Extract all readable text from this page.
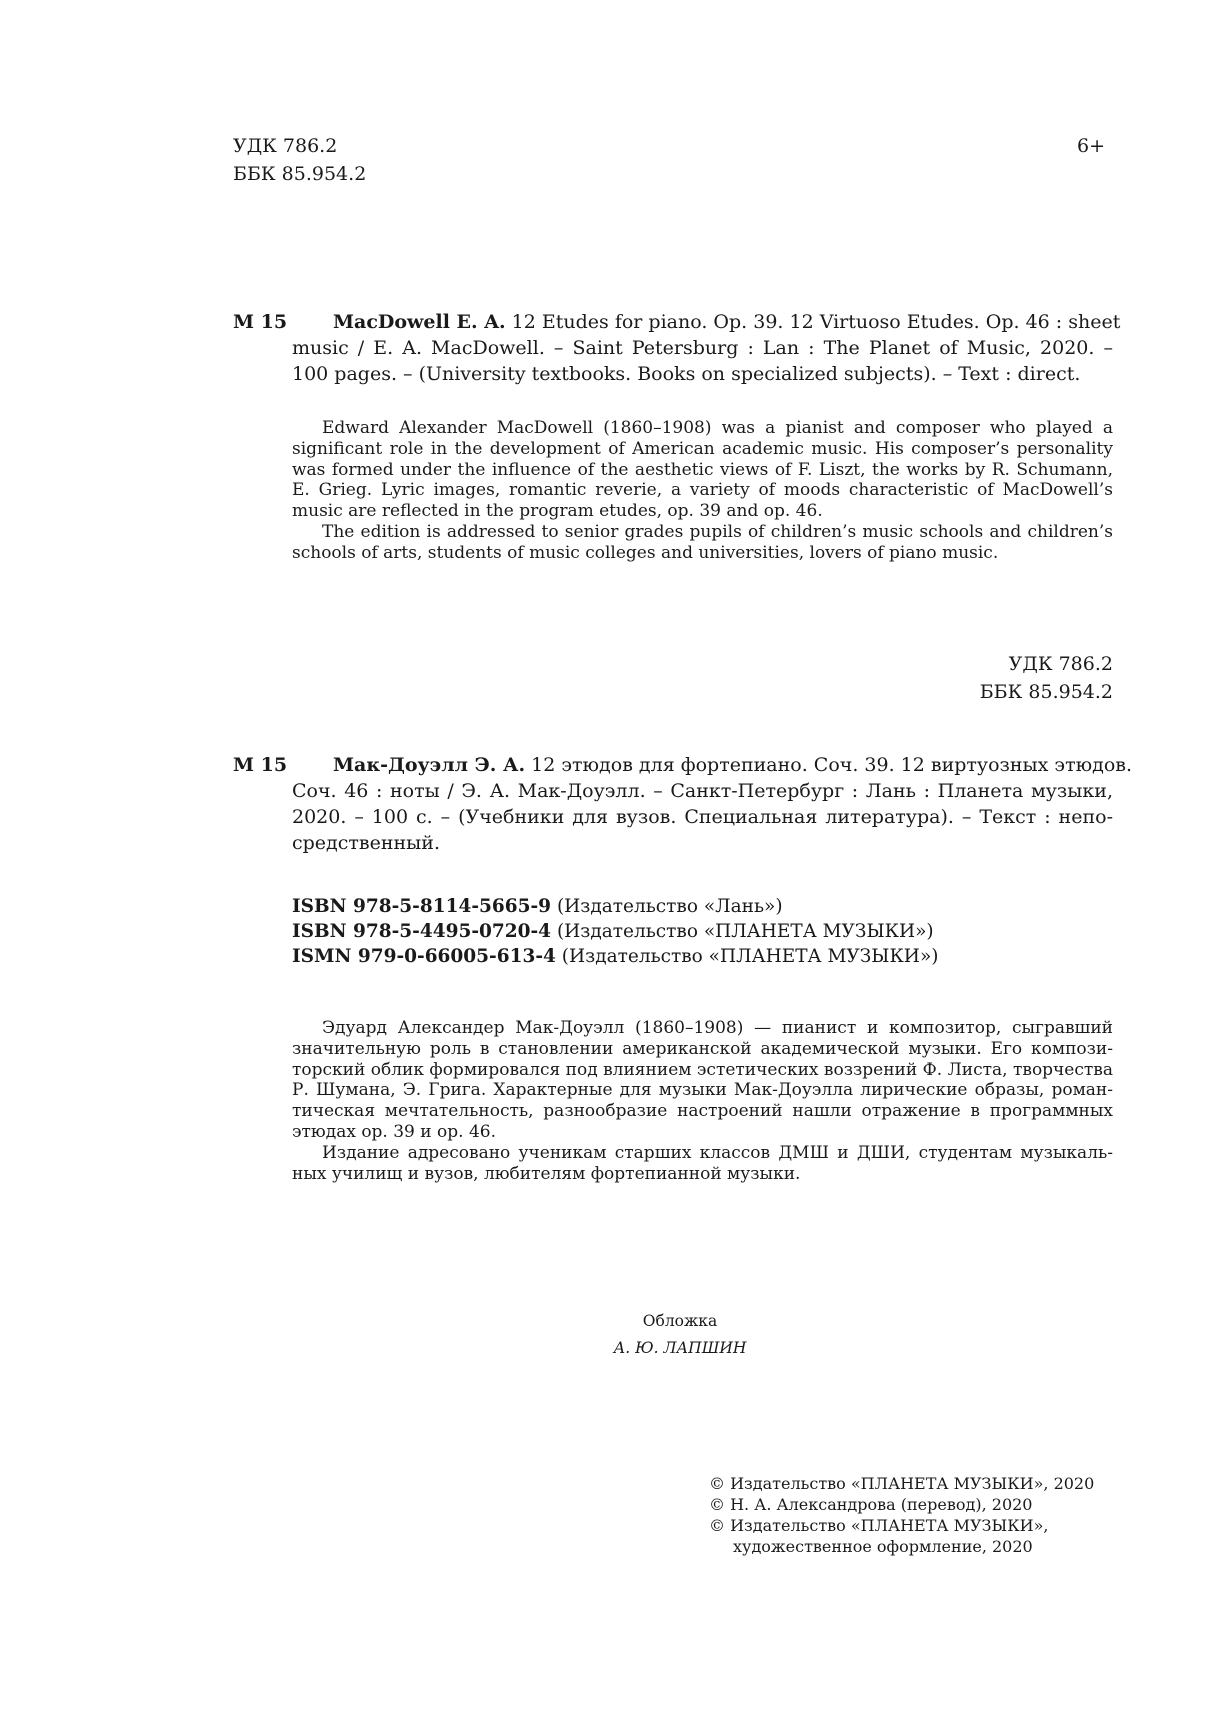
УДК 786.2
ББК 85.954.2
6+
M 15 MacDowell E. A. 12 Etudes for piano. Op. 39. 12 Virtuoso Etudes. Op. 46 : sheet
music / E. A. MacDowell. – Saint Petersburg : Lan : The Planet of Music, 2020. –
100 pages. – (University textbooks. Books on specialized subjects). – Text : direct.
Edward Alexander MacDowell (1860–1908) was a pianist and composer who played a
significant role in the development of American academic music. His composer’s personality
was formed under the influence of the aesthetic views of F. Liszt, the works by R. Schumann,
E. Grieg. Lyric images, romantic reverie, a variety of moods characteristic of MacDowell’s
music are reflected in the program etudes, op. 39 and op. 46.
The edition is addressed to senior grades pupils of children’s music schools and children’s
schools of arts, students of music colleges and universities, lovers of piano music.
УДК 786.2
ББК 85.954.2
М 15 Мак-Доуэлл Э. А. 12 этюдов для фортепиано. Соч. 39. 12 виртуозных этюдов.
Соч. 46 : ноты / Э. А. Мак-Доуэлл. – Санкт-Петербург : Лань : Планета музыки,
2020. – 100 с. – (Учебники для вузов. Специальная литература). – Текст : непо-
средственный.
ISBN 978-5-8114-5665-9 (Издательство «Лань»)
ISBN 978-5-4495-0720-4 (Издательство «ПЛАНЕТА МУЗЫКИ»)
ISMN 979-0-66005-613-4 (Издательство «ПЛАНЕТА МУЗЫКИ»)
Эдуард Александер Мак-Доуэлл (1860–1908) — пианист и композитор, сыгравший
значительную роль в становлении американской академической музыки. Его компози-
торский облик формировался под влиянием эстетических воззрений Ф. Листа, творчества
Р. Шумана, Э. Грига. Характерные для музыки Мак-Доуэлла лирические образы, роман-
тическая мечтательность, разнообразие настроений нашли отражение в программных
этюдах ор. 39 и ор. 46.
Издание адресовано ученикам старших классов ДМШ и ДШИ, студентам музыкаль-
ных училищ и вузов, любителям фортепианной музыки.
Обложка
А. Ю. ЛАПШИН
© Издательство «ПЛАНЕТА МУЗЫКИ», 2020
© Н. А. Александрова (перевод), 2020
© Издательство «ПЛАНЕТА МУЗЫКИ»,
художественное оформление, 2020
